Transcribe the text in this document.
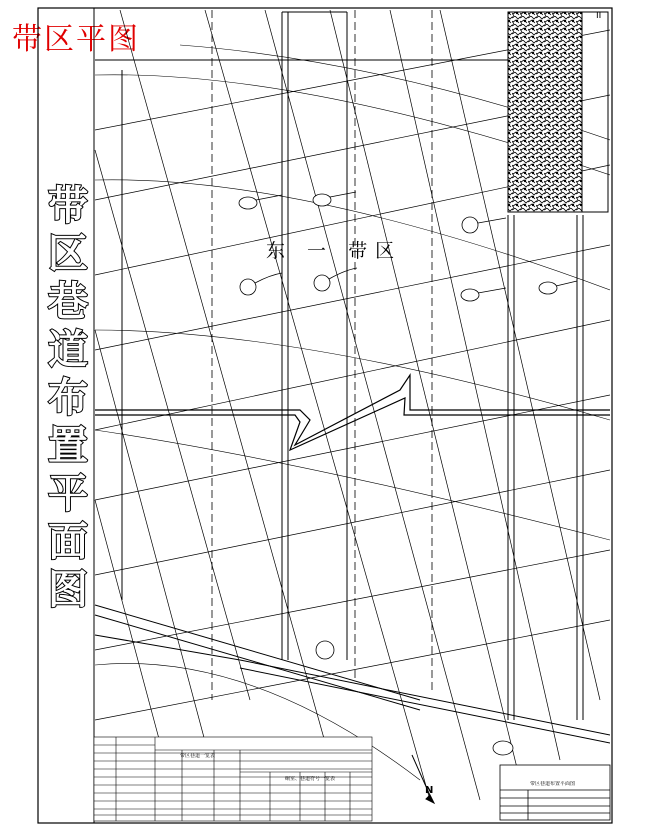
带区平图
带
区
巷
道
布
置
平
面
图
东 一 带区
II
N
带区巷道一览表
硐室、巷道符号一览表
带区巷道布置平面图
